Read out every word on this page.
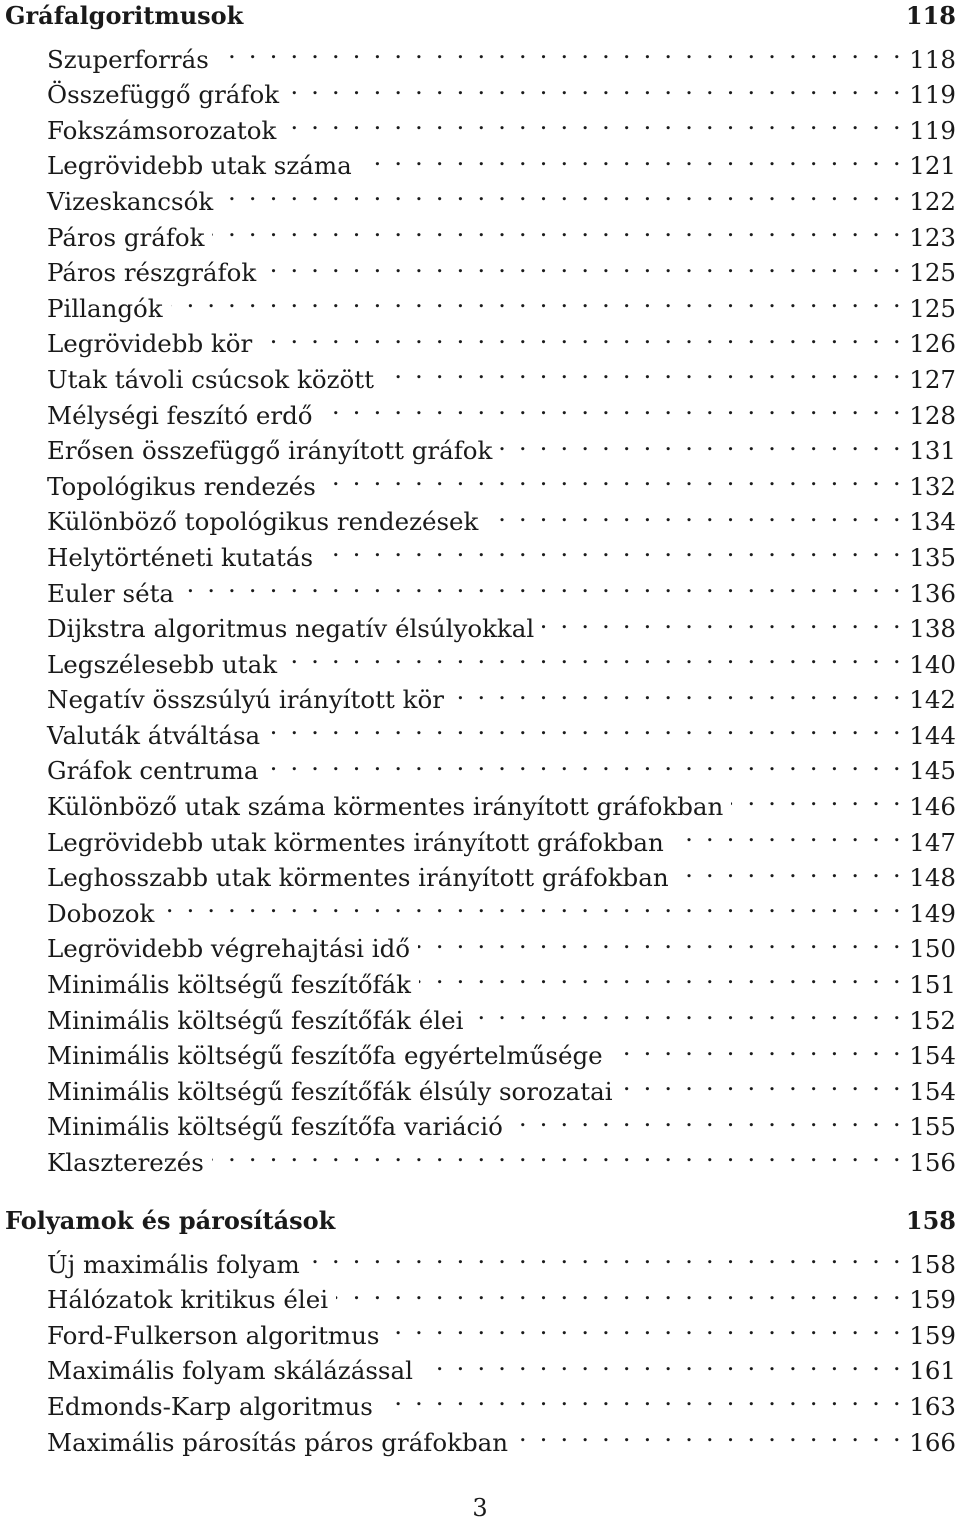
Gráfalgoritmusok	118
Szuperforrás . . .	118
Összefüggő gráfok . . .	119
Fokszámsorozatok . . .	119
Legrövidebb utak száma . . .	121
Vizeskancsók . . .	122
Páros gráfok . . .	123
Páros részgráfok . . .	125
Pillangók . . .	125
Legrövidebb kör . . .	126
Utak távoli csúcsok között . . .	127
Mélységi feszító erdő . . .	128
Erősen összefüggő irányított gráfok . . .	131
Topológikus rendezés . . .	132
Különböző topológikus rendezések . . .	134
Helytörténeti kutatás . . .	135
Euler séta . . .	136
Dijkstra algoritmus negatív élsúlyokkal . . .	138
Legszélesebb utak . . .	140
Negatív összsúlyú irányított kör . . .	142
Valuták átváltása . . .	144
Gráfok centruma . . .	145
Különböző utak száma körmentes irányított gráfokban . . .	146
Legrövidebb utak körmentes irányított gráfokban . . .	147
Leghosszabb utak körmentes irányított gráfokban . . .	148
Dobozok . . .	149
Legrövidebb végrehajtási idő . . .	150
Minimális költségű feszítőfák . . .	151
Minimális költségű feszítőfák élei . . .	152
Minimális költségű feszítőfa egyértelműsége . . .	154
Minimális költségű feszítőfák élsúly sorozatai . . .	154
Minimális költségű feszítőfa variáció . . .	155
Klaszterezés . . .	156
Folyamok és párosítások	158
Új maximális folyam . . .	158
Hálózatok kritikus élei . . .	159
Ford-Fulkerson algoritmus . . .	159
Maximális folyam skálázással . . .	161
Edmonds-Karp algoritmus . . .	163
Maximális párosítás páros gráfokban . . .	166
3
